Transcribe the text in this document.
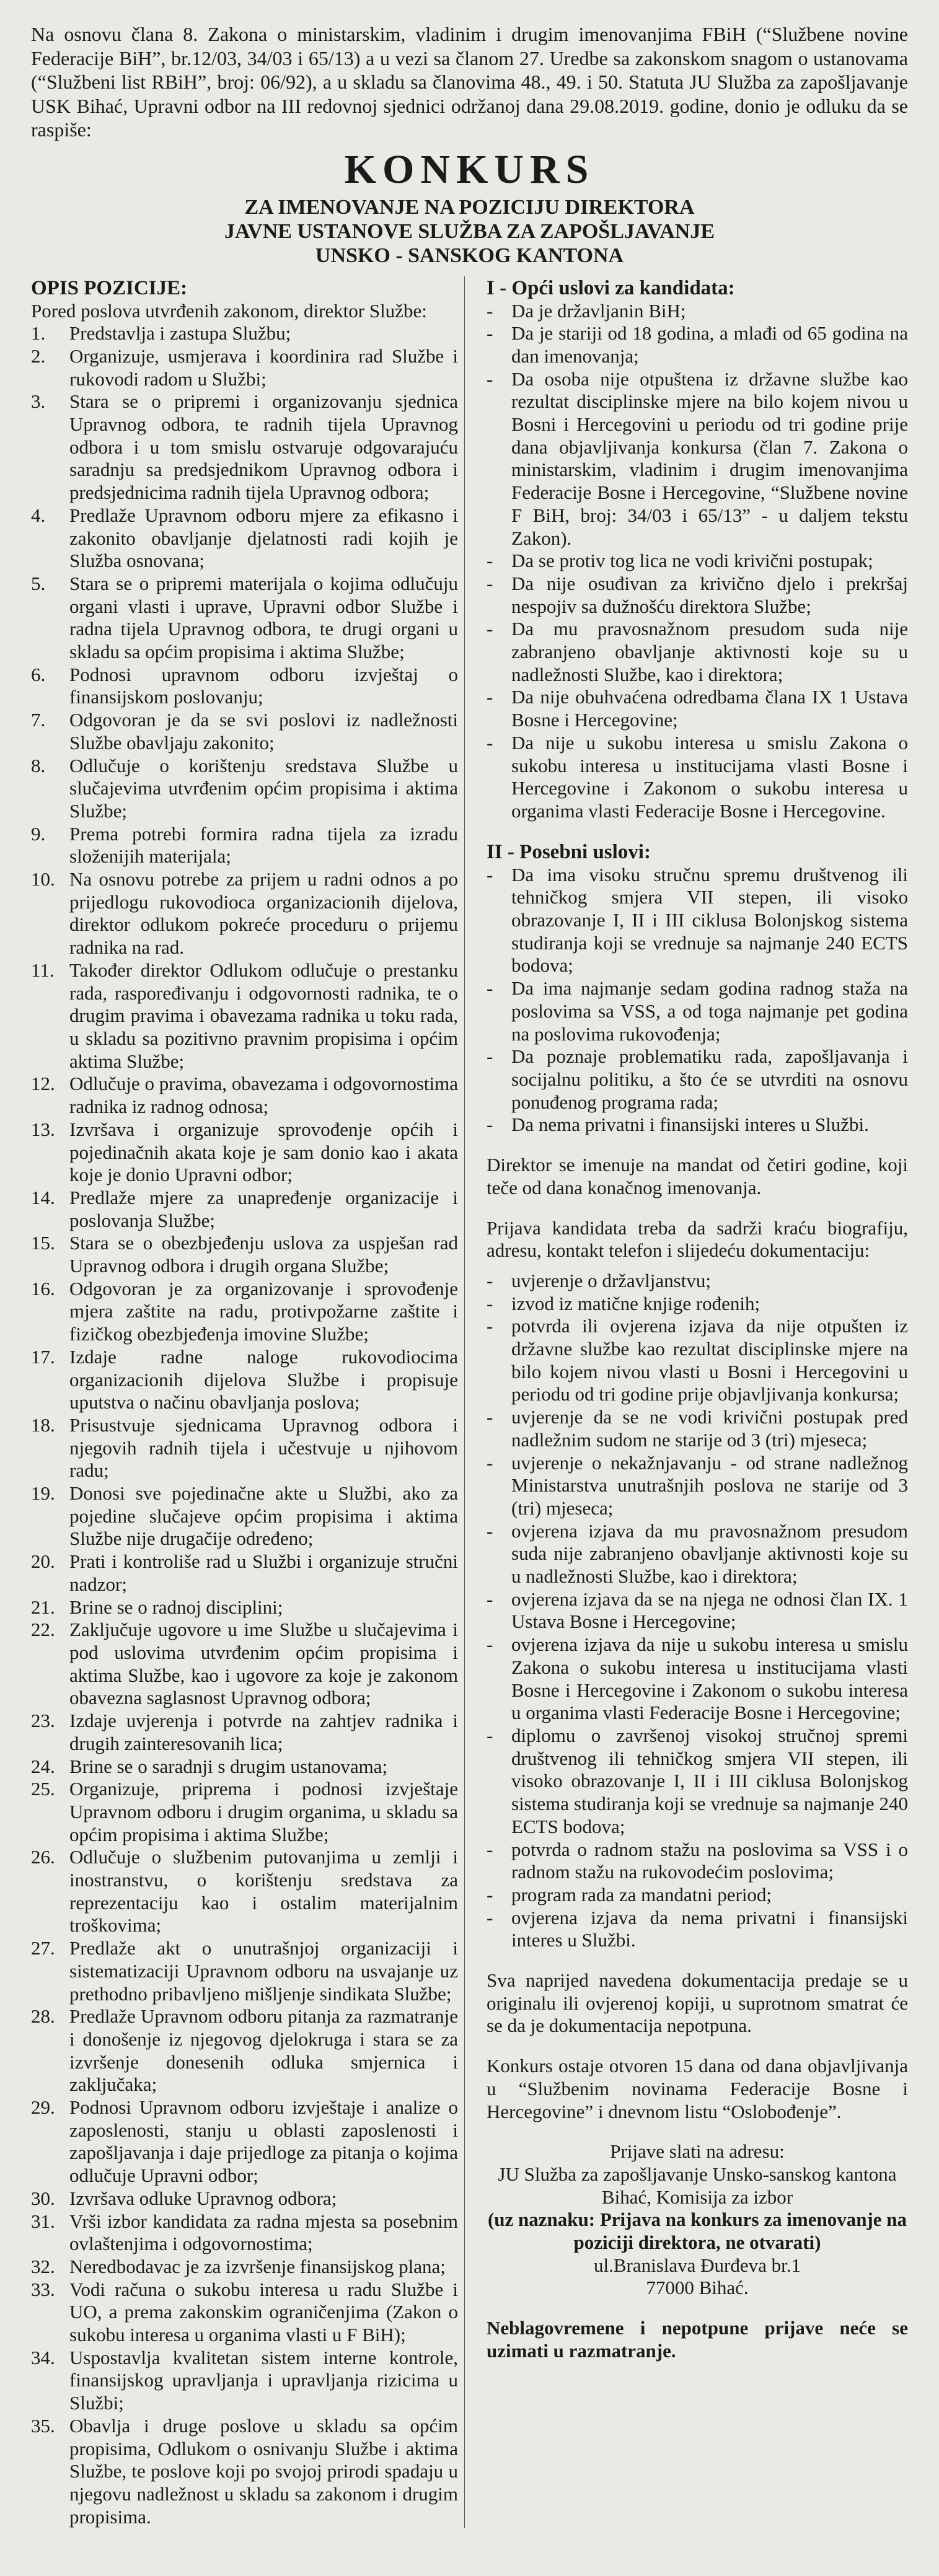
Na osnovu člana 8. Zakona o ministarskim, vladinim i drugim imenovanjima FBiH (“Službene novine Federacije BiH”, br.12/03, 34/03 i 65/13) a u vezi sa članom 27. Uredbe sa zakonskom snagom o ustanovama (“Službeni list RBiH”, broj: 06/92), a u skladu sa članovima 48., 49. i 50. Statuta JU Služba za zapošljavanje USK Bihać, Upravni odbor na III redovnoj sjednici održanoj dana 29.08.2019. godine, donio je odluku da se raspiše:

KONKURS
ZA IMENOVANJE NA POZICIJU DIREKTORA
JAVNE USTANOVE SLUŽBA ZA ZAPOŠLJAVANJE
UNSKO - SANSKOG KANTONA
OPIS POZICIJE:
Pored poslova utvrđenih zakonom, direktor Službe:
1.	Predstavlja i zastupa Službu;
2.	Organizuje, usmjerava i koordinira rad Službe i rukovodi radom u Službi;
3.	Stara se o pripremi i organizovanju sjednica Upravnog odbora, te radnih tijela Upravnog odbora i u tom smislu ostvaruje odgovarajuću saradnju sa predsjednikom Upravnog odbora i predsjednicima radnih tijela Upravnog odbora;
4.	Predlaže Upravnom odboru mjere za efikasno i zakonito obavljanje djelatnosti radi kojih je Služba osnovana;
5.	Stara se o pripremi materijala o kojima odlučuju organi vlasti i uprave, Upravni odbor Službe i radna tijela Upravnog odbora, te drugi organi u skladu sa općim propisima i aktima Službe;
6.	Podnosi upravnom odboru izvještaj o finansijskom poslovanju;
7.	Odgovoran je da se svi poslovi iz nadležnosti Službe obavljaju zakonito;
8.	Odlučuje o korištenju sredstava Službe u slučajevima utvrđenim općim propisima i aktima Službe;
9.	Prema potrebi formira radna tijela za izradu složenijih materijala;
10. Na osnovu potrebe za prijem u radni odnos a po prijedlogu rukovodioca organizacionih dijelova, direktor odlukom pokreće proceduru o prijemu radnika na rad.
11. Također direktor Odlukom odlučuje o prestanku rada, raspoređivanju i odgovornosti radnika, te o drugim pravima i obavezama radnika u toku rada, u skladu sa pozitivno pravnim propisima i općim aktima Službe;
12. Odlučuje o pravima, obavezama i odgovornostima radnika iz radnog odnosa;
13. Izvršava i organizuje sprovođenje općih i pojedinačnih akata koje je sam donio kao i akata koje je donio Upravni odbor;
14. Predlaže mjere za unapređenje organizacije i poslovanja Službe;
15. Stara se o obezbjeđenju uslova za uspješan rad Upravnog odbora i drugih organa Službe;
16. Odgovoran je za organizovanje i sprovođenje mjera zaštite na radu, protivpožarne zaštite i fizičkog obezbjeđenja imovine Službe;
17. Izdaje radne naloge rukovodiocima organizacionih dijelova Službe i propisuje uputstva o načinu obavljanja poslova;
18. Prisustvuje sjednicama Upravnog odbora i njegovih radnih tijela i učestvuje u njihovom radu;
19. Donosi sve pojedinačne akte u Službi, ako za pojedine slučajeve općim propisima i aktima Službe nije drugačije određeno;
20. Prati i kontroliše rad u Službi i organizuje stručni nadzor;
21. Brine se o radnoj disciplini;
22. Zaključuje ugovore u ime Službe u slučajevima i pod uslovima utvrđenim općim propisima i aktima Službe, kao i ugovore za koje je zakonom obavezna saglasnost Upravnog odbora;
23. Izdaje uvjerenja i potvrde na zahtjev radnika i drugih zainteresovanih lica;
24. Brine se o saradnji s drugim ustanovama;
25. Organizuje, priprema i podnosi izvještaje Upravnom odboru i drugim organima, u skladu sa općim propisima i aktima Službe;
26. Odlučuje o službenim putovanjima u zemlji i inostranstvu, o korištenju sredstava za reprezentaciju kao i ostalim materijalnim troškovima;
27. Predlaže akt o unutrašnjoj organizaciji i sistematizaciji Upravnom odboru na usvajanje uz prethodno pribavljeno mišljenje sindikata Službe;
28. Predlaže Upravnom odboru pitanja za razmatranje i donošenje iz njegovog djelokruga i stara se za izvršenje donesenih odluka smjernica i zaključaka;
29. Podnosi Upravnom odboru izvještaje i analize o zaposlenosti, stanju u oblasti zaposlenosti i zapošljavanja i daje prijedloge za pitanja o kojima odlučuje Upravni odbor;
30. Izvršava odluke Upravnog odbora;
31. Vrši izbor kandidata za radna mjesta sa posebnim ovlaštenjima i odgovornostima;
32. Neredbodavac je za izvršenje finansijskog plana;
33. Vodi računa o sukobu interesa u radu Službe i UO, a prema zakonskim ograničenjima (Zakon o sukobu interesa u organima vlasti u F BiH);
34. Uspostavlja kvalitetan sistem interne kontrole, finansijskog upravljanja i upravljanja rizicima u Službi;
35. Obavlja i druge poslove u skladu sa općim propisima, Odlukom o osnivanju Službe i aktima Službe, te poslove koji po svojoj prirodi spadaju u njegovu nadležnost u skladu sa zakonom i drugim propisima.
I - Opći uslovi za kandidata:
- Da je državljanin BiH;
- Da je stariji od 18 godina, a mlađi od 65 godina na dan imenovanja;
- Da osoba nije otpuštena iz državne službe kao rezultat disciplinske mjere na bilo kojem nivou u Bosni i Hercegovini u periodu od tri godine prije dana objavljivanja konkursa (član 7. Zakona o ministarskim, vladinim i drugim imenovanjima Federacije Bosne i Hercegovine, “Službene novine F BiH, broj: 34/03 i 65/13” - u daljem tekstu Zakon).
- Da se protiv tog lica ne vodi krivični postupak;
- Da nije osuđivan za krivično djelo i prekršaj nespojiv sa dužnošću direktora Službe;
- Da mu pravosnažnom presudom suda nije zabranjeno obavljanje aktivnosti koje su u nadležnosti Službe, kao i direktora;
- Da nije obuhvaćena odredbama člana IX 1 Ustava Bosne i Hercegovine;
- Da nije u sukobu interesa u smislu Zakona o sukobu interesa u institucijama vlasti Bosne i Hercegovine i Zakonom o sukobu interesa u organima vlasti Federacije Bosne i Hercegovine.
II - Posebni uslovi:
- Da ima visoku stručnu spremu društvenog ili tehničkog smjera VII stepen, ili visoko obrazovanje I, II i III ciklusa Bolonjskog sistema studiranja koji se vrednuje sa najmanje 240 ECTS bodova;
- Da ima najmanje sedam godina radnog staža na poslovima sa VSS, a od toga najmanje pet godina na poslovima rukovođenja;
- Da poznaje problematiku rada, zapošljavanja i socijalnu politiku, a što će se utvrditi na osnovu ponuđenog programa rada;
- Da nema privatni i finansijski interes u Službi.
Direktor se imenuje na mandat od četiri godine, koji teče od dana konačnog imenovanja.
Prijava kandidata treba da sadrži kraću biografiju, adresu, kontakt telefon i slijedeću dokumentaciju:
- uvjerenje o državljanstvu;
- izvod iz matične knjige rođenih;
- potvrda ili ovjerena izjava da nije otpušten iz državne službe kao rezultat disciplinske mjere na bilo kojem nivou vlasti u Bosni i Hercegovini u periodu od tri godine prije objavljivanja konkursa;
- uvjerenje da se ne vodi krivični postupak pred nadležnim sudom ne starije od 3 (tri) mjeseca;
- uvjerenje o nekažnjavanju - od strane nadležnog Ministarstva unutrašnjih poslova ne starije od 3 (tri) mjeseca;
- ovjerena izjava da mu pravosnažnom presudom suda nije zabranjeno obavljanje aktivnosti koje su u nadležnosti Službe, kao i direktora;
- ovjerena izjava da se na njega ne odnosi član IX. 1 Ustava Bosne i Hercegovine;
- ovjerena izjava da nije u sukobu interesa u smislu Zakona o sukobu interesa u institucijama vlasti Bosne i Hercegovine i Zakonom o sukobu interesa u organima vlasti Federacije Bosne i Hercegovine;
- diplomu o završenoj visokoj stručnoj spremi društvenog ili tehničkog smjera VII stepen, ili visoko obrazovanje I, II i III ciklusa Bolonjskog sistema studiranja koji se vrednuje sa najmanje 240 ECTS bodova;
- potvrda o radnom stažu na poslovima sa VSS i o radnom stažu na rukovodećim poslovima;
- program rada za mandatni period;
- ovjerena izjava da nema privatni i finansijski interes u Službi.
Sva naprijed navedena dokumentacija predaje se u originalu ili ovjerenoj kopiji, u suprotnom smatrat će se da je dokumentacija nepotpuna.
Konkurs ostaje otvoren 15 dana od dana objavljivanja u “Službenim novinama Federacije Bosne i Hercegovine” i dnevnom listu “Oslobođenje”.
Prijave slati na adresu:
JU Služba za zapošljavanje Unsko-sanskog kantona Bihać, Komisija za izbor
(uz naznaku: Prijava na konkurs za imenovanje na poziciji direktora, ne otvarati)
ul.Branislava Đurđeva br.1
77000 Bihać.
Neblagovremene i nepotpune prijave neće se uzimati u razmatranje.
